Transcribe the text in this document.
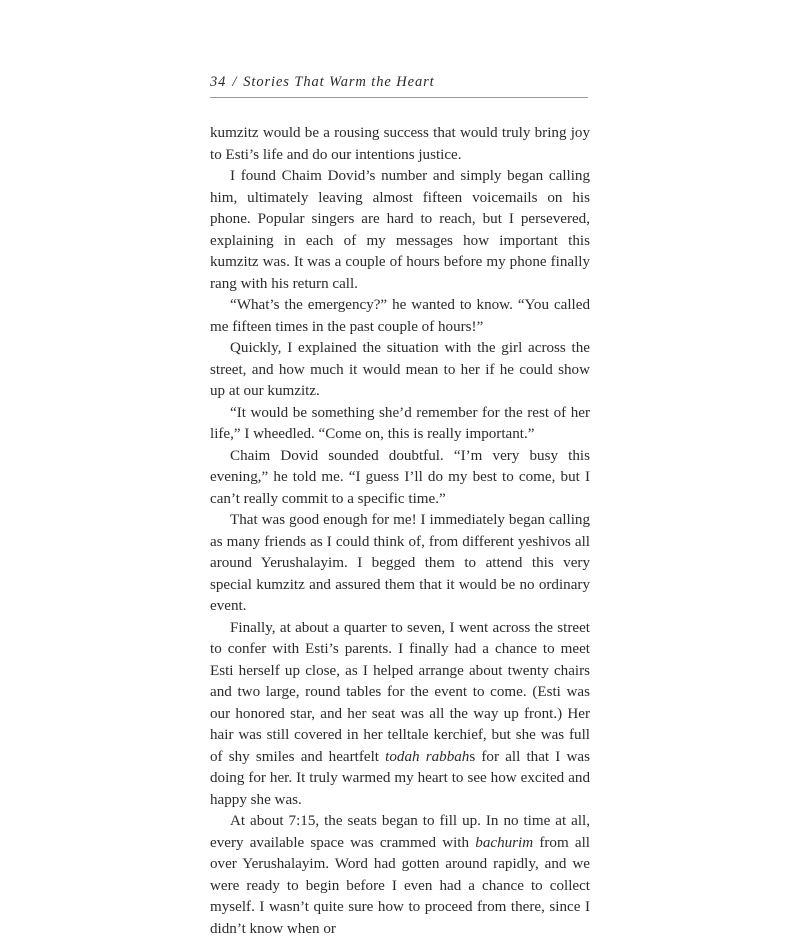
34 / Stories That Warm the Heart

kumzitz would be a rousing success that would truly bring joy to Esti’s life and do our intentions justice.

I found Chaim Dovid’s number and simply began calling him, ultimately leaving almost fifteen voicemails on his phone. Popular singers are hard to reach, but I persevered, explaining in each of my messages how important this kumzitz was. It was a couple of hours before my phone finally rang with his return call.

“What’s the emergency?” he wanted to know. “You called me fifteen times in the past couple of hours!”

Quickly, I explained the situation with the girl across the street, and how much it would mean to her if he could show up at our kumzitz.

“It would be something she’d remember for the rest of her life,” I wheedled. “Come on, this is really important.”

Chaim Dovid sounded doubtful. “I’m very busy this evening,” he told me. “I guess I’ll do my best to come, but I can’t really commit to a specific time.”

That was good enough for me! I immediately began calling as many friends as I could think of, from different yeshivos all around Yerushalayim. I begged them to attend this very special kumzitz and assured them that it would be no ordinary event.

Finally, at about a quarter to seven, I went across the street to confer with Esti’s parents. I finally had a chance to meet Esti herself up close, as I helped arrange about twenty chairs and two large, round tables for the event to come. (Esti was our honored star, and her seat was all the way up front.) Her hair was still covered in her telltale kerchief, but she was full of shy smiles and heartfelt todah rabbahs for all that I was doing for her. It truly warmed my heart to see how excited and happy she was.

At about 7:15, the seats began to fill up. In no time at all, every available space was crammed with bachurim from all over Yerushalayim. Word had gotten around rapidly, and we were ready to begin before I even had a chance to collect myself. I wasn’t quite sure how to proceed from there, since I didn’t know when or
